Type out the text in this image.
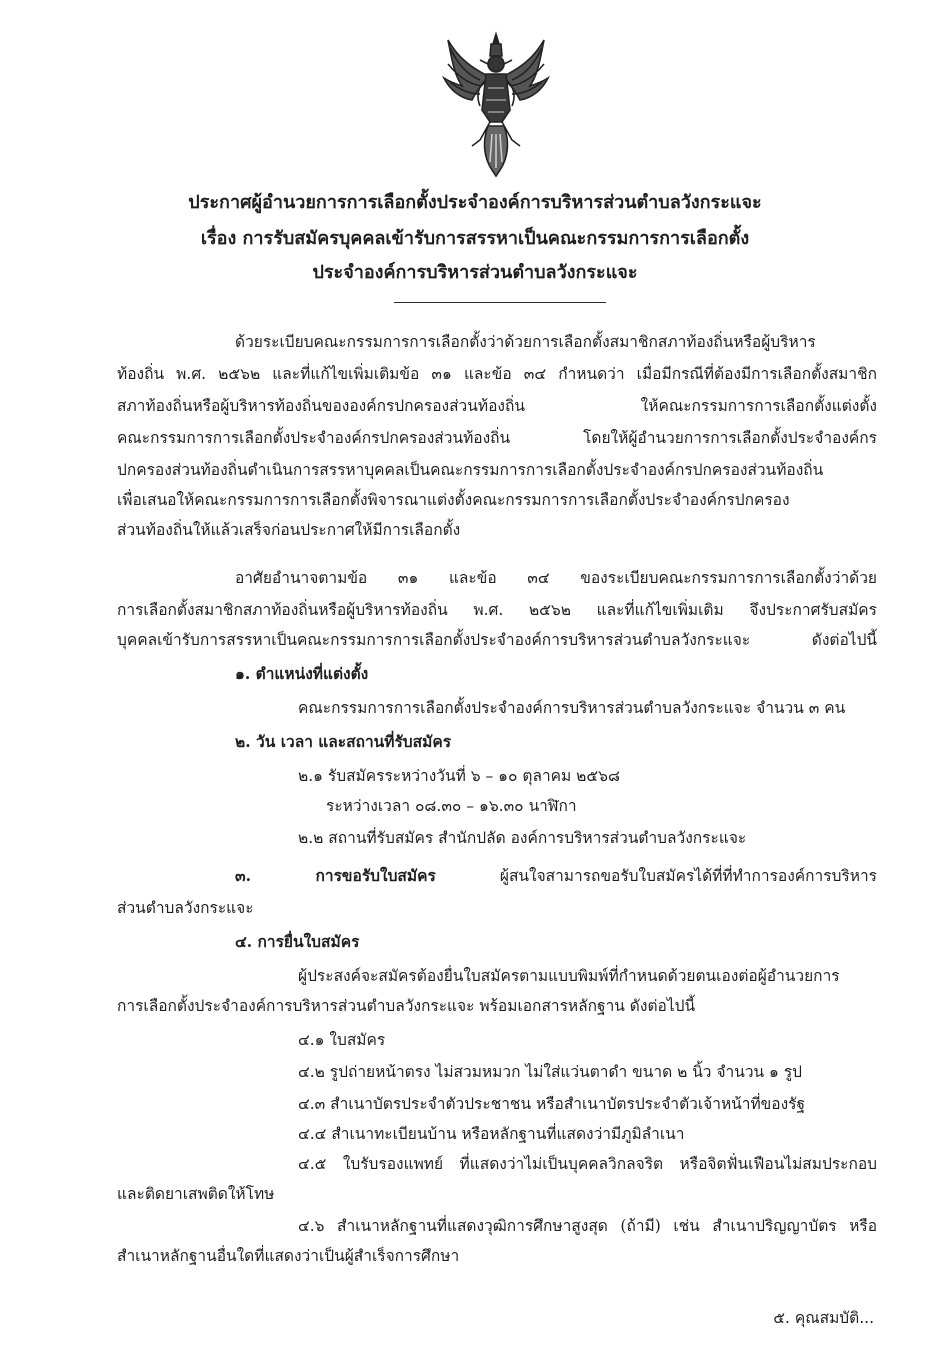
ประกาศผู้อำนวยการการเลือกตั้งประจำองค์การบริหารส่วนตำบลวังกระแจะ
เรื่อง การรับสมัครบุคคลเข้ารับการสรรหาเป็นคณะกรรมการการเลือกตั้ง
ประจำองค์การบริหารส่วนตำบลวังกระแจะ
ด้วยระเบียบคณะกรรมการการเลือกตั้งว่าด้วยการเลือกตั้งสมาชิกสภาท้องถิ่นหรือผู้บริหาร
ท้องถิ่น พ.ศ. ๒๕๖๒ และที่แก้ไขเพิ่มเติมข้อ ๓๑ และข้อ ๓๔ กำหนดว่า เมื่อมีกรณีที่ต้องมีการเลือกตั้งสมาชิก
สภาท้องถิ่นหรือผู้บริหารท้องถิ่นขององค์กรปกครองส่วนท้องถิ่น ให้คณะกรรมการการเลือกตั้งแต่งตั้ง
คณะกรรมการการเลือกตั้งประจำองค์กรปกครองส่วนท้องถิ่น โดยให้ผู้อำนวยการการเลือกตั้งประจำองค์กร
ปกครองส่วนท้องถิ่นดำเนินการสรรหาบุคคลเป็นคณะกรรมการการเลือกตั้งประจำองค์กรปกครองส่วนท้องถิ่น
เพื่อเสนอให้คณะกรรมการการเลือกตั้งพิจารณาแต่งตั้งคณะกรรมการการเลือกตั้งประจำองค์กรปกครอง
ส่วนท้องถิ่นให้แล้วเสร็จก่อนประกาศให้มีการเลือกตั้ง
อาศัยอำนาจตามข้อ ๓๑ และข้อ ๓๔ ของระเบียบคณะกรรมการการเลือกตั้งว่าด้วย
การเลือกตั้งสมาชิกสภาท้องถิ่นหรือผู้บริหารท้องถิ่น พ.ศ. ๒๕๖๒ และที่แก้ไขเพิ่มเติม จึงประกาศรับสมัคร
บุคคลเข้ารับการสรรหาเป็นคณะกรรมการการเลือกตั้งประจำองค์การบริหารส่วนตำบลวังกระแจะ ดังต่อไปนี้
๑. ตำแหน่งที่แต่งตั้ง
คณะกรรมการการเลือกตั้งประจำองค์การบริหารส่วนตำบลวังกระแจะ จำนวน ๓ คน
๒. วัน เวลา และสถานที่รับสมัคร
๒.๑ รับสมัครระหว่างวันที่ ๖ – ๑๐ ตุลาคม ๒๕๖๘
ระหว่างเวลา ๐๘.๓๐ – ๑๖.๓๐ นาฬิกา
๒.๒ สถานที่รับสมัคร สำนักปลัด องค์การบริหารส่วนตำบลวังกระแจะ
๓. การขอรับใบสมัคร	ผู้สนใจสามารถขอรับใบสมัครได้ที่ที่ทำการองค์การบริหาร
ส่วนตำบลวังกระแจะ
๔. การยื่นใบสมัคร
ผู้ประสงค์จะสมัครต้องยื่นใบสมัครตามแบบพิมพ์ที่กำหนดด้วยตนเองต่อผู้อำนวยการ
การเลือกตั้งประจำองค์การบริหารส่วนตำบลวังกระแจะ พร้อมเอกสารหลักฐาน ดังต่อไปนี้
๔.๑ ใบสมัคร
๔.๒ รูปถ่ายหน้าตรง ไม่สวมหมวก ไม่ใส่แว่นตาดำ ขนาด ๒ นิ้ว จำนวน ๑ รูป
๔.๓ สำเนาบัตรประจำตัวประชาชน หรือสำเนาบัตรประจำตัวเจ้าหน้าที่ของรัฐ
๔.๔ สำเนาทะเบียนบ้าน หรือหลักฐานที่แสดงว่ามีภูมิลำเนา
๔.๕ ใบรับรองแพทย์ ที่แสดงว่าไม่เป็นบุคคลวิกลจริต หรือจิตฟั่นเฟือนไม่สมประกอบ
และติดยาเสพติดให้โทษ
๔.๖ สำเนาหลักฐานที่แสดงวุฒิการศึกษาสูงสุด (ถ้ามี) เช่น สำเนาปริญญาบัตร หรือ
สำเนาหลักฐานอื่นใดที่แสดงว่าเป็นผู้สำเร็จการศึกษา
๕. คุณสมบัติ...
